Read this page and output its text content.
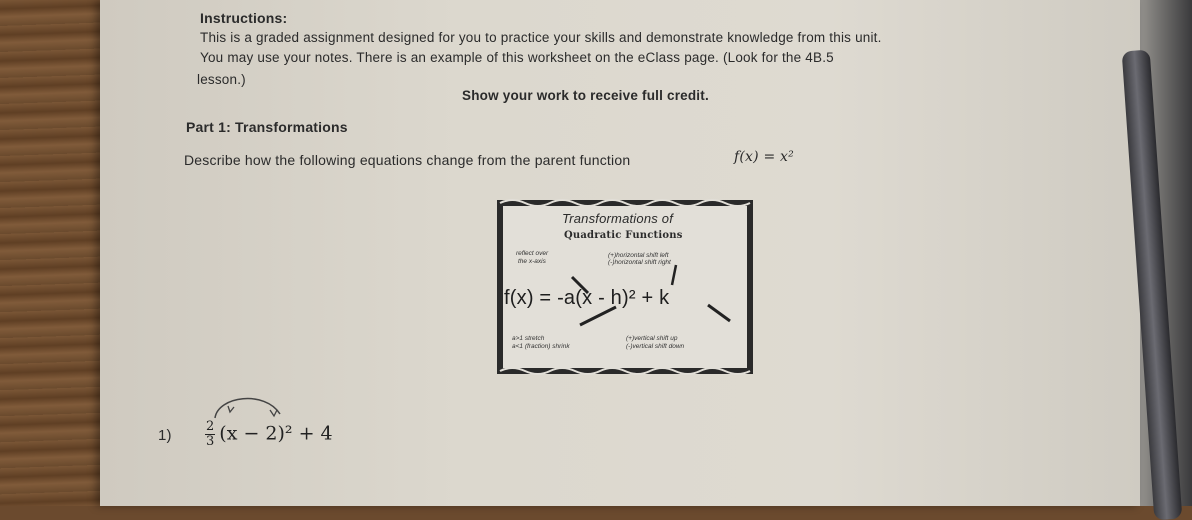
Instructions:
This is a graded assignment designed for you to practice your skills and demonstrate knowledge from this unit.
You may use your notes. There is an example of this worksheet on the eClass page. (Look for the 4B.5
lesson.)
Show your work to receive full credit.
Part 1: Transformations
Describe how the following equations change from the parent function	f(x) = x²
1)
Transformations of
Quadratic Functions
reflect over
the x-axis
(+)horizontal shift left
(-)horizontal shift right
f(x) = -a(x - h)² + k
a>1 stretch
a<1 (fraction) shrink
(+)vertical shift up
(-)vertical shift down
$\frac{2}{3} (x - 2)^2 + 4$
